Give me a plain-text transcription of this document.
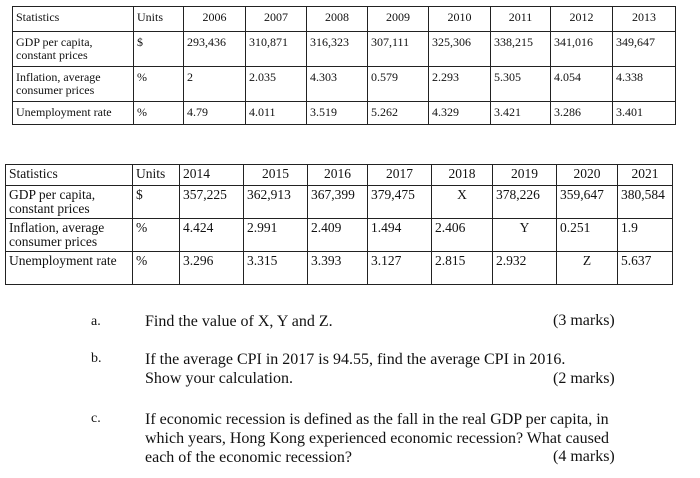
Statistics	Units	2006	2007	2008	2009	2010	2011	2012	2013
GDP per capita, constant prices	$	293,436	310,871	316,323	307,111	325,306	338,215	341,016	349,647
Inflation, average consumer prices	%	2	2.035	4.303	0.579	2.293	5.305	4.054	4.338
Unemployment rate	%	4.79	4.011	3.519	5.262	4.329	3.421	3.286	3.401
Statistics	Units	2014	2015	2016	2017	2018	2019	2020	2021
GDP per capita, constant prices	$	357,225	362,913	367,399	379,475	X	378,226	359,647	380,584
Inflation, average consumer prices	%	4.424	2.991	2.409	1.494	2.406	Y	0.251	1.9
Unemployment rate	%	3.296	3.315	3.393	3.127	2.815	2.932	Z	5.637
a.	Find the value of X, Y and Z.	(3 marks)
b.	If the average CPI in 2017 is 94.55, find the average CPI in 2016. Show your calculation.	(2 marks)
c.	If economic recession is defined as the fall in the real GDP per capita, in which years, Hong Kong experienced economic recession? What caused each of the economic recession?	(4 marks)
